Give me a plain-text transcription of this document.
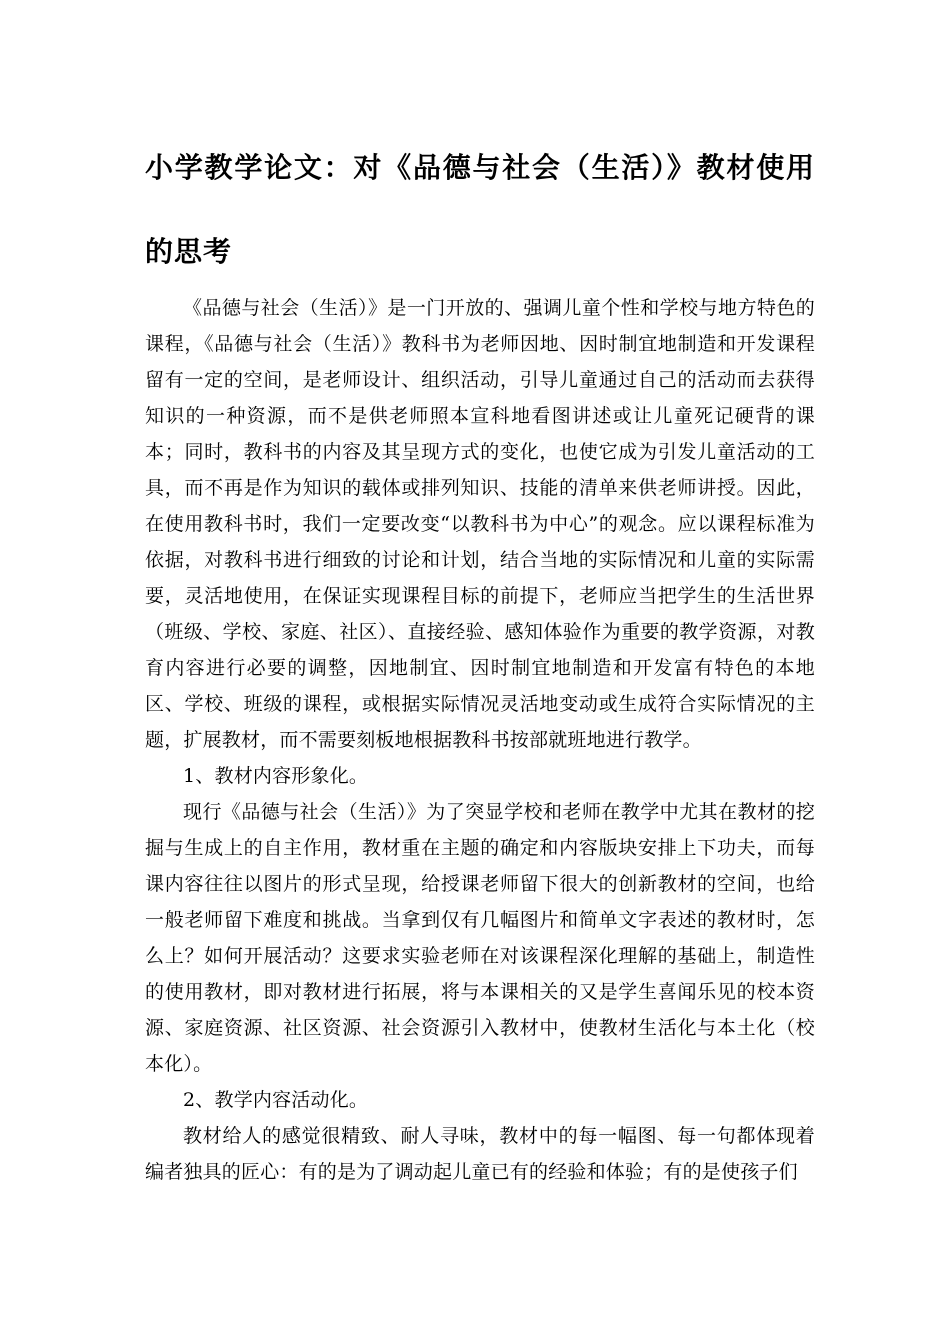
小学教学论文：对《品德与社会（生活）》教材使用的思考

《品德与社会（生活）》是一门开放的、强调儿童个性和学校与地方特色的课程，《品德与社会（生活）》教科书为老师因地、因时制宜地制造和开发课程留有一定的空间，是老师设计、组织活动，引导儿童通过自己的活动而去获得知识的一种资源，而不是供老师照本宣科地看图讲述或让儿童死记硬背的课本；同时，教科书的内容及其呈现方式的变化，也使它成为引发儿童活动的工具，而不再是作为知识的载体或排列知识、技能的清单来供老师讲授。因此，在使用教科书时，我们一定要改变“以教科书为中心”的观念。应以课程标准为依据，对教科书进行细致的讨论和计划，结合当地的实际情况和儿童的实际需要，灵活地使用，在保证实现课程目标的前提下，老师应当把学生的生活世界（班级、学校、家庭、社区）、直接经验、感知体验作为重要的教学资源，对教育内容进行必要的调整，因地制宜、因时制宜地制造和开发富有特色的本地区、学校、班级的课程，或根据实际情况灵活地变动或生成符合实际情况的主题，扩展教材，而不需要刻板地根据教科书按部就班地进行教学。

1、教材内容形象化。

现行《品德与社会（生活）》为了突显学校和老师在教学中尤其在教材的挖掘与生成上的自主作用，教材重在主题的确定和内容版块安排上下功夫，而每课内容往往以图片的形式呈现，给授课老师留下很大的创新教材的空间，也给一般老师留下难度和挑战。当拿到仅有几幅图片和简单文字表述的教材时，怎么上？如何开展活动？这要求实验老师在对该课程深化理解的基础上，制造性的使用教材，即对教材进行拓展，将与本课相关的又是学生喜闻乐见的校本资源、家庭资源、社区资源、社会资源引入教材中，使教材生活化与本土化（校本化）。

2、教学内容活动化。

教材给人的感觉很精致、耐人寻味，教材中的每一幅图、每一句都体现着编者独具的匠心：有的是为了调动起儿童已有的经验和体验；有的是使孩子们
